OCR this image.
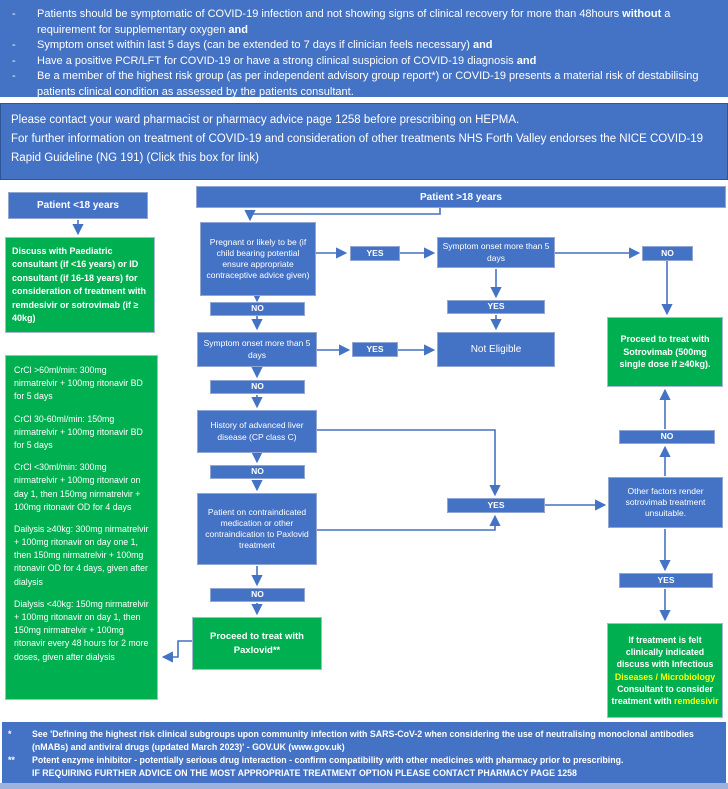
-	Patients should be symptomatic of COVID-19 infection and not showing signs of clinical recovery for more than 48hours without a requirement for supplementary oxygen and
-	Symptom onset within last 5 days (can be extended to 7 days if clinician feels necessary) and
-	Have a positive PCR/LFT for COVID-19 or have a strong clinical suspicion of COVID-19 diagnosis and
-	Be a member of the highest risk group (as per independent advisory group report*) or COVID-19 presents a material risk of destabilising patients clinical condition as assessed by the patients consultant.
Please contact your ward pharmacist or pharmacy advice page 1258 before prescribing on HEPMA.
For further information on treatment of COVID-19 and consideration of other treatments NHS Forth Valley endorses the NICE COVID-19 Rapid Guideline (NG 191) (Click this box for link)
Patient <18 years
Discuss with Paediatric consultant (if <16 years) or ID consultant (if 16-18 years) for consideration of treatment with remdesivir or sotrovimab (if ≥ 40kg)

CrCl >60ml/min: 300mg nirmatrelvir + 100mg ritonavir BD for 5 days

CrCl 30-60ml/min: 150mg nirmatrelvir + 100mg ritonavir BD for 5 days

CrCl <30ml/min: 300mg nirmatrelvir + 100mg ritonavir on day 1, then 150mg nirmatrelvir + 100mg ritonavir OD for 4 days

Dailysis ≥40kg: 300mg nirmatrelvir + 100mg ritonavir on day one 1, then 150mg nirmatrelvir + 100mg ritonavir OD for 4 days, given after dialysis

Dialysis <40kg: 150mg nirmatrelvir + 100mg ritonavir on day 1, then 150mg nirmatrelvir + 100mg ritonavir every 48 hours for 2 more doses, given after dialysis

Patient >18 years
Pregnant or likely to be (if child bearing potential ensure appropriate contraceptive advice given)
YES
Symptom onset more than 5 days	NO
YES
Not Eligible
NO
Symptom onset more than 5 days
YES
NO
History of advanced liver disease (CP class C)
NO
Patient on contraindicated medication or other contraindication to Paxlovid treatment
NO
Proceed to treat with Paxlovid**
YES
Proceed to treat with Sotrovimab (500mg single dose if ≥40kg).
NO
Other factors render sotrovimab treatment unsuitable.
YES
If treatment is felt clinically indicated discuss with Infectious Diseases / Microbiology Consultant to consider treatment with remdesivir
*	See 'Defining the highest risk clinical subgroups upon community infection with SARS-CoV-2 when considering the use of neutralising monoclonal antibodies (nMABs) and antiviral drugs (updated March 2023)' - GOV.UK (www.gov.uk)
**	Potent enzyme inhibitor - potentially serious drug interaction - confirm compatibility with other medicines with pharmacy prior to prescribing.
IF REQUIRING FURTHER ADVICE ON THE MOST APPROPRIATE TREATMENT OPTION PLEASE CONTACT PHARMACY PAGE 1258
